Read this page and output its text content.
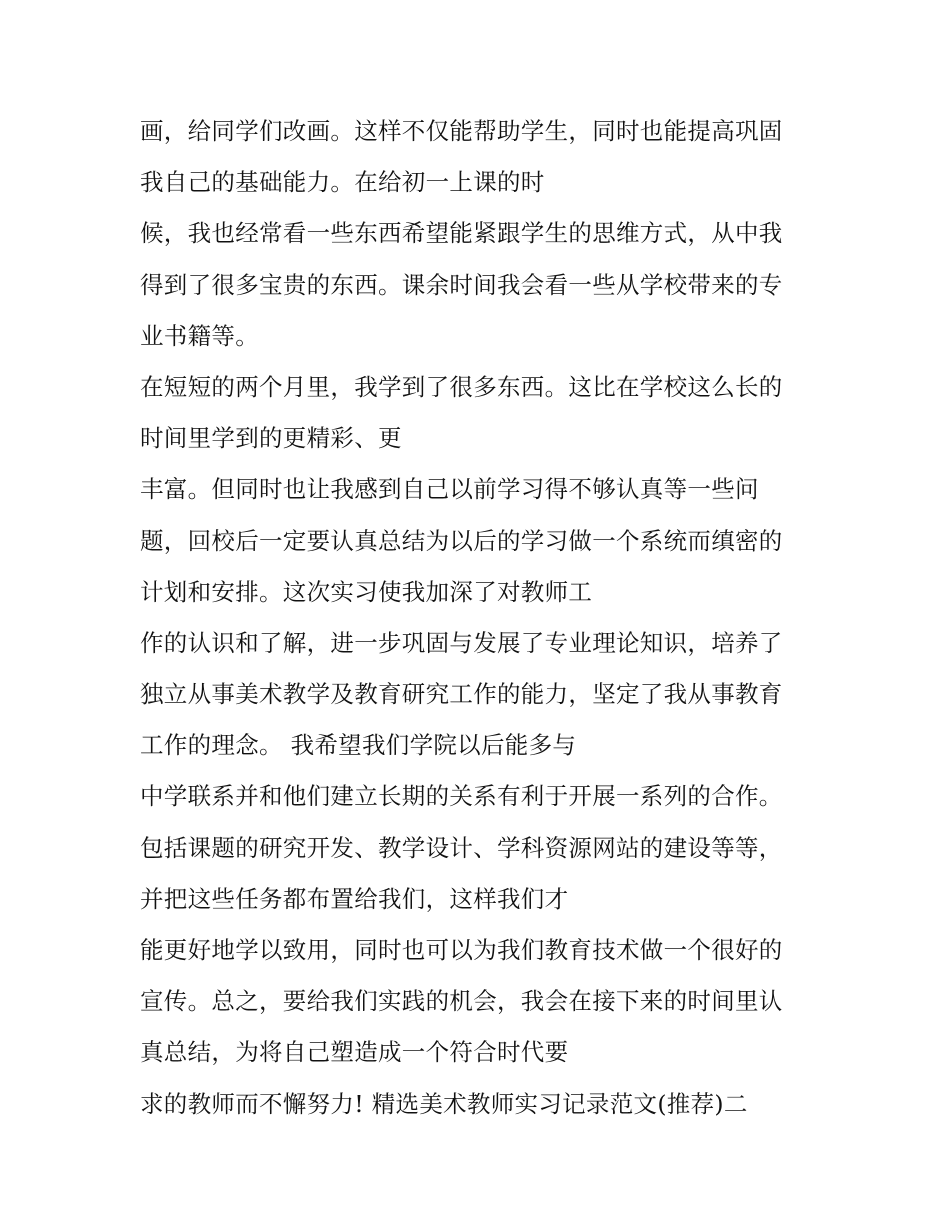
画，给同学们改画。这样不仅能帮助学生，同时也能提高巩固
我自己的基础能力。在给初一上课的时
候，我也经常看一些东西希望能紧跟学生的思维方式，从中我
得到了很多宝贵的东西。课余时间我会看一些从学校带来的专
业书籍等。
在短短的两个月里，我学到了很多东西。这比在学校这么长的
时间里学到的更精彩、更
丰富。但同时也让我感到自己以前学习得不够认真等一些问
题，回校后一定要认真总结为以后的学习做一个系统而缜密的
计划和安排。这次实习使我加深了对教师工
作的认识和了解，进一步巩固与发展了专业理论知识，培养了
独立从事美术教学及教育研究工作的能力，坚定了我从事教育
工作的理念。 我希望我们学院以后能多与
中学联系并和他们建立长期的关系有利于开展一系列的合作。
包括课题的研究开发、教学设计、学科资源网站的建设等等，
并把这些任务都布置给我们，这样我们才
能更好地学以致用，同时也可以为我们教育技术做一个很好的
宣传。总之，要给我们实践的机会，我会在接下来的时间里认
真总结，为将自己塑造成一个符合时代要
求的教师而不懈努力! 精选美术教师实习记录范文(推荐)二
